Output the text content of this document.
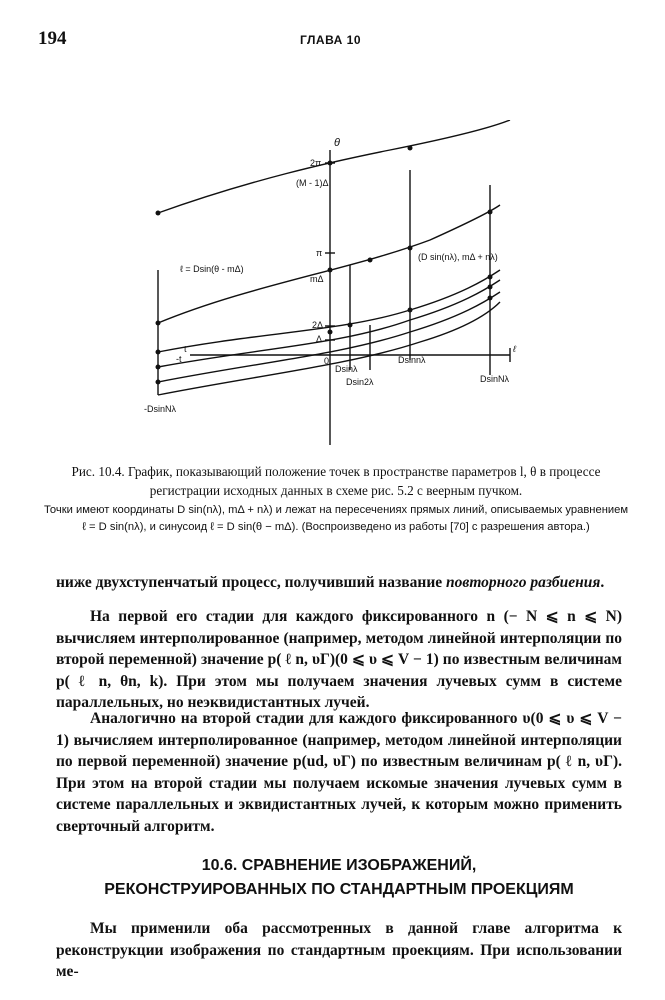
194	ГЛАВА 10
θ
2π
(M - 1)Δ
π
mΔ
ℓ = Dsin(θ - mΔ)
(D sin(nλ), mΔ + nλ)
2Δ
Δ
0
ℓ
Dsinλ
Dsin2λ
Dsinnλ
DsinNλ
-DsinNλ
t
-t
Рис. 10.4. График, показывающий положение точек в пространстве параметров l, θ в процессе регистрации исходных данных в схеме рис. 5.2 с веерным пучком.
Точки имеют координаты D sin(nλ), mΔ + nλ) и лежат на пересечениях прямых линий, описываемых уравнением ℓ = D sin(nλ), и синусоид ℓ = D sin(θ − mΔ). (Воспроизведено из работы [70] с разрешения автора.)
ниже двухступенчатый процесс, получивший название повторного разбиения.
На первой его стадии для каждого фиксированного n (− N ⩽ n ⩽ N) вычисляем интерполированное (например, методом линейной интерполяции по второй переменной) значение p( ℓ n, υΓ)(0 ⩽ υ ⩽ V − 1) по известным величинам p( ℓ n, θn, k). При этом мы получаем значения лучевых сумм в системе параллельных, но неэквидистантных лучей.
Аналогично на второй стадии для каждого фиксированного υ(0 ⩽ υ ⩽ V − 1) вычисляем интерполированное (например, методом линейной интерполяции по первой переменной) значение p(ud, υΓ) по известным величинам p( ℓ n, υΓ). При этом на второй стадии мы получаем искомые значения лучевых сумм в системе параллельных и эквидистантных лучей, к которым можно применить сверточный алгоритм.
10.6. СРАВНЕНИЕ ИЗОБРАЖЕНИЙ,
РЕКОНСТРУИРОВАННЫХ ПО СТАНДАРТНЫМ ПРОЕКЦИЯМ
Мы применили оба рассмотренных в данной главе алгоритма к реконструкции изображения по стандартным проекциям. При использовании ме-
